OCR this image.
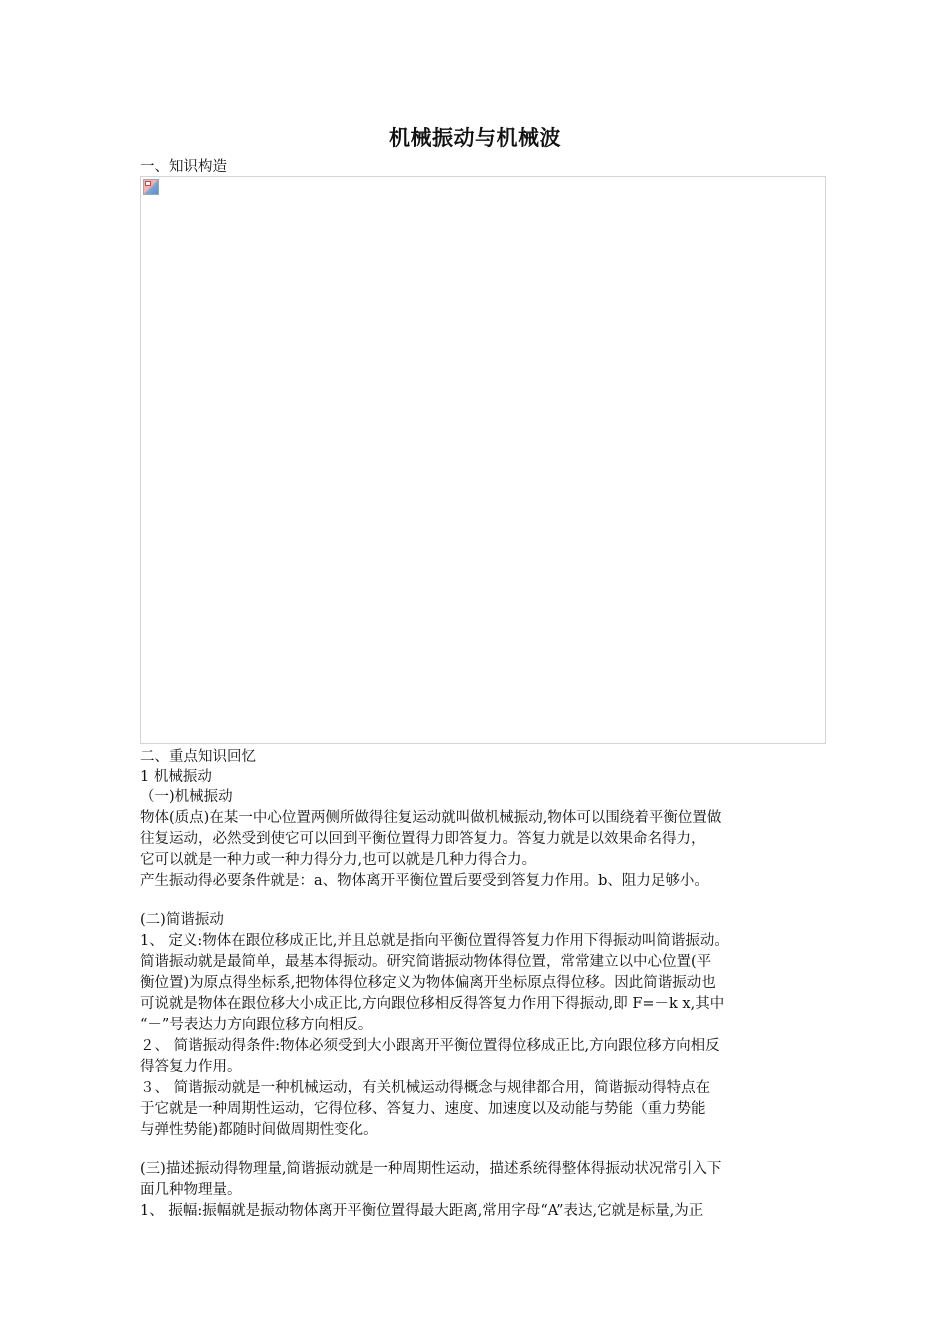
机械振动与机械波
一、知识构造
二、重点知识回忆
1 机械振动
（一)机械振动
物体(质点)在某一中心位置两侧所做得往复运动就叫做机械振动,物体可以围绕着平衡位置做
往复运动，必然受到使它可以回到平衡位置得力即答复力。答复力就是以效果命名得力，
它可以就是一种力或一种力得分力,也可以就是几种力得合力。
产生振动得必要条件就是：a、物体离开平衡位置后要受到答复力作用。b、阻力足够小。
(二)简谐振动
1、 定义:物体在跟位移成正比,并且总就是指向平衡位置得答复力作用下得振动叫简谐振动。
简谐振动就是最简单，最基本得振动。研究简谐振动物体得位置，常常建立以中心位置(平
衡位置)为原点得坐标系,把物体得位移定义为物体偏离开坐标原点得位移。因此简谐振动也
可说就是物体在跟位移大小成正比,方向跟位移相反得答复力作用下得振动,即 F=－k x,其中
“－”号表达力方向跟位移方向相反。
２、 简谐振动得条件:物体必须受到大小跟离开平衡位置得位移成正比,方向跟位移方向相反
得答复力作用。
３、 简谐振动就是一种机械运动，有关机械运动得概念与规律都合用，简谐振动得特点在
于它就是一种周期性运动，它得位移、答复力、速度、加速度以及动能与势能（重力势能
与弹性势能)都随时间做周期性变化。
(三)描述振动得物理量,简谐振动就是一种周期性运动，描述系统得整体得振动状况常引入下
面几种物理量。
1、 振幅:振幅就是振动物体离开平衡位置得最大距离,常用字母“A”表达,它就是标量,为正
